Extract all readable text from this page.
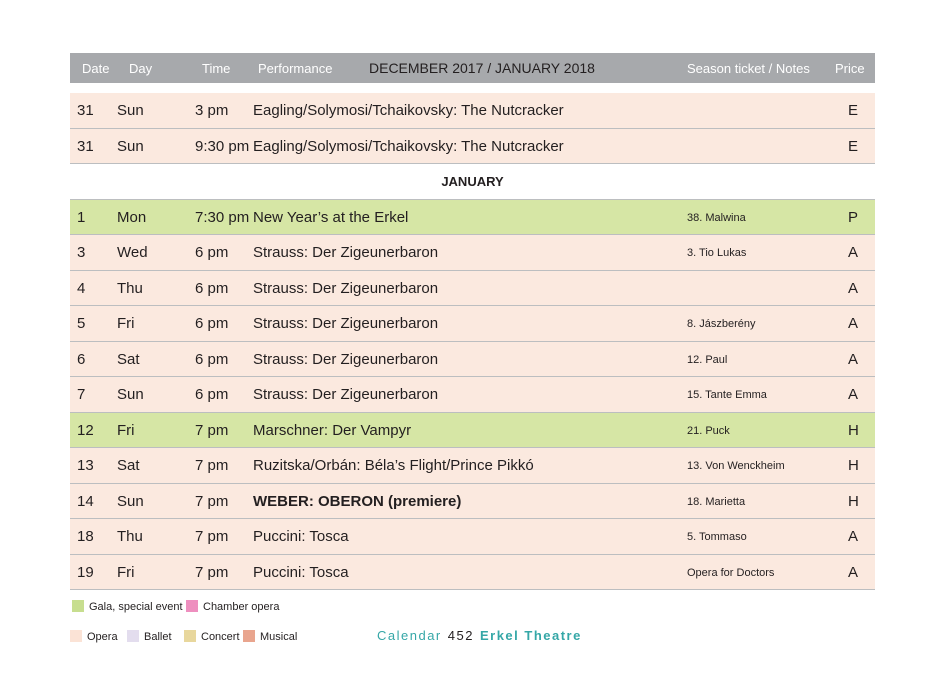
Date Day	Time Performance	DECEMBER 2017 / JANUARY 2018	Season ticket / Notes Price
31 Sun	3 pm Eagling/Solymosi/Tchaikovsky: The Nutcracker	E
31 Sun	9:30 pm Eagling/Solymosi/Tchaikovsky: The Nutcracker	E
JANUARY
1 Mon	7:30 pm New Year’s at the Erkel	38. Malwina	P
3 Wed	6 pm Strauss: Der Zigeunerbaron	3. Tio Lukas	A
4 Thu	6 pm Strauss: Der Zigeunerbaron	A
5 Fri	6 pm Strauss: Der Zigeunerbaron	8. Jászberény	A
6 Sat	6 pm Strauss: Der Zigeunerbaron	12. Paul	A
7 Sun	6 pm Strauss: Der Zigeunerbaron	15. Tante Emma	A
12 Fri	7 pm Marschner: Der Vampyr	21. Puck	H
13 Sat	7 pm Ruzitska/Orbán: Béla’s Flight/Prince Pikkó	13. Von Wenckheim	H
14 Sun	7 pm WEBER: OBERON (premiere)	18. Marietta	H
18 Thu	7 pm Puccini: Tosca	5. Tommaso	A
19 Fri	7 pm Puccini: Tosca	Opera for Doctors	A
Gala, special event	Chamber opera
Opera	Ballet	Concert	Musical	Calendar 452 Erkel Theatre
